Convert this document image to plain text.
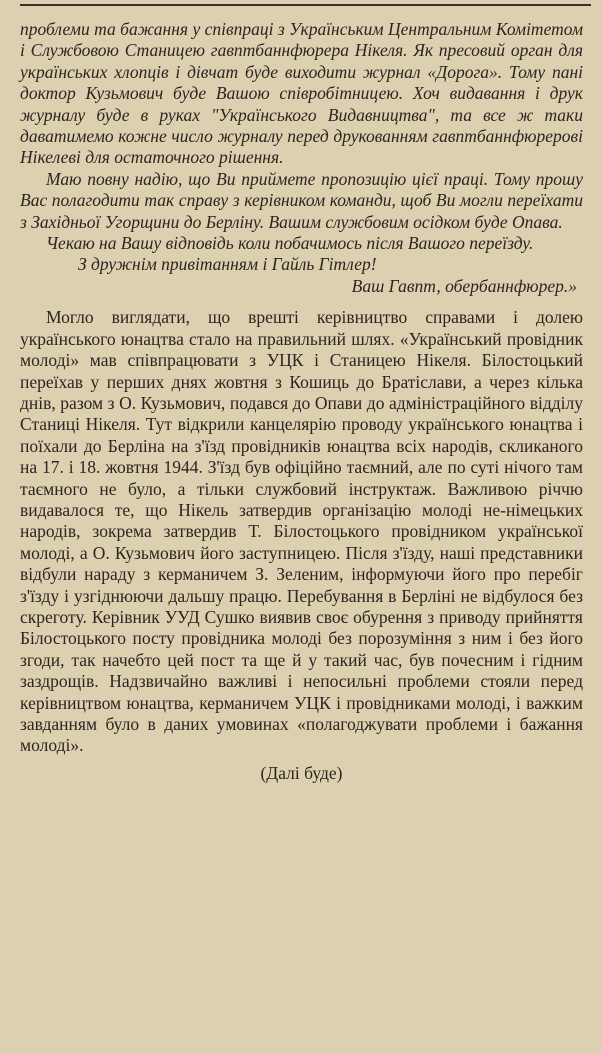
проблеми та бажання у співпраці з Українським Центральним Комітетом і Службовою Станицею гавптбаннфюрера Нікеля. Як пресовий орган для українських хлопців і дівчат буде виходити журнал «Дорога». Тому пані доктор Кузьмович буде Вашою співробітницею. Хоч видавання і друк журналу буде в руках "Українського Видавництва", та все ж таки даватимемо кожне число журналу перед друкованням гавптбаннфюрерові Нікелеві для остаточного рішення.

Маю повну надію, що Ви приймете пропозицію цієї праці. Тому прошу Вас полагодити так справу з керівником команди, щоб Ви могли переїхати з Західньої Угорщини до Берліну. Вашим службовим осідком буде Опава.

Чекаю на Вашу відповідь коли побачимось після Вашого переїзду.

З дружнім привітанням і Гайль Гітлер!

Ваш Гавпт, обербаннфюрер.»

Могло виглядати, що врешті керівництво справами і долею українського юнацтва стало на правильний шлях. «Український провідник молоді» мав співпрацювати з УЦК і Станицею Нікеля. Білостоцький переїхав у перших днях жовтня з Кошиць до Братіслави, а через кілька днів, разом з О. Кузьмович, подався до Опави до адміністраційного відділу Станиці Нікеля. Тут відкрили канцелярію проводу українського юнацтва і поїхали до Берліна на з'їзд провідників юнацтва всіх народів, скликаного на 17. і 18. жовтня 1944. З'їзд був офіційно таємний, але по суті нічого там таємного не було, а тільки службовий інструктаж. Важливою річчю видавалося те, що Нікель затвердив організацію молоді не-німецьких народів, зокрема затвердив Т. Білостоцького провідником української молоді, а О. Кузьмович його заступницею. Після з'їзду, наші представники відбули нараду з керманичем З. Зеленим, інформуючи його про перебіг з'їзду і узгіднюючи дальшу працю. Перебування в Берліні не відбулося без скреготу. Керівник УУД Сушко виявив своє обурення з приводу прийняття Білостоцького посту провідника молоді без порозуміння з ним і без його згоди, так начебто цей пост та ще й у такий час, був почесним і гідним заздрощів. Надзвичайно важливі і непосильні проблеми стояли перед керівництвом юнацтва, керманичем УЦК і провідниками молоді, і важким завданням було в даних умовинах «полагоджувати проблеми і бажання молоді».

(Далі буде)
